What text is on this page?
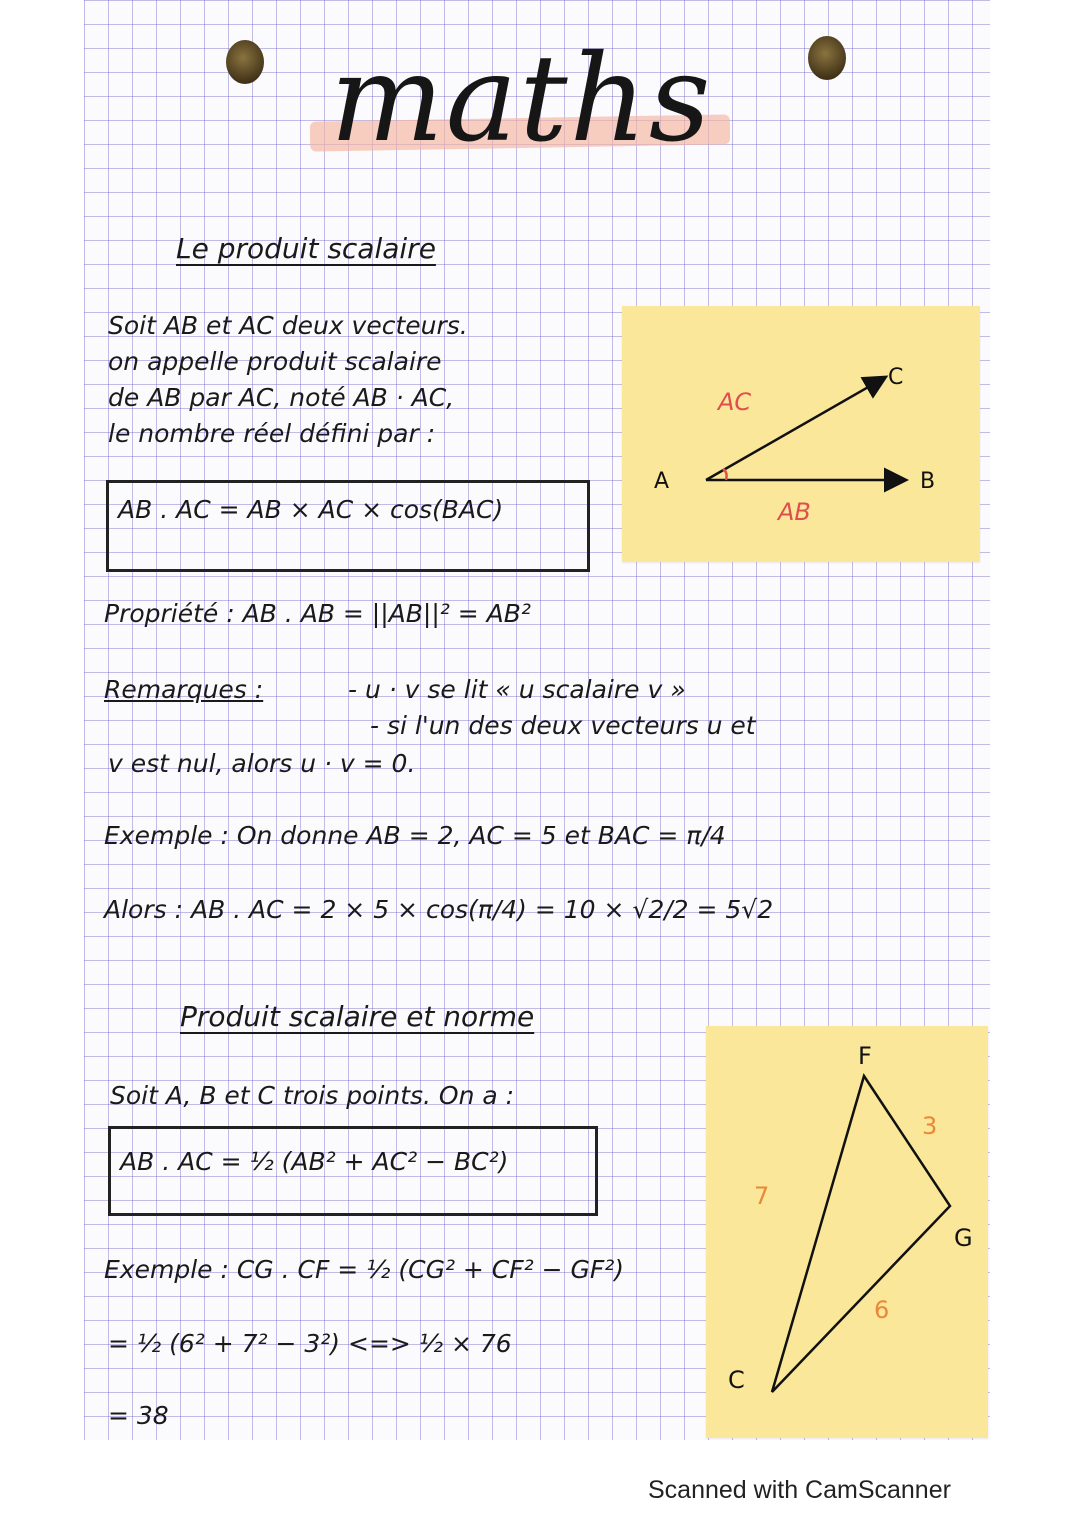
maths
Le produit scalaire
Soit AB et AC deux vecteurs.
on appelle produit scalaire
de AB par AC, noté AB · AC,
le nombre réel défini par :
AB . AC = AB × AC × cos(BAC)
AC
AB
A	B
C
Propriété : AB . AB = ||AB||² = AB²
Remarques :	- u · v se lit « u scalaire v »
- si l'un des deux vecteurs u et
v est nul, alors u · v = 0.
Exemple : On donne AB = 2, AC = 5 et BAC = π/4
Alors : AB . AC = 2 × 5 × cos(π/4) = 10 × √2/2 = 5√2
Produit scalaire et norme
Soit A, B et C trois points. On a :
AB . AC = ½ (AB² + AC² − BC²)
Exemple : CG . CF = ½ (CG² + CF² − GF²)
= ½ (6² + 7² − 3²) <=> ½ × 76
= 38
F
G
C
3
6
7
Scanned with CamScanner
